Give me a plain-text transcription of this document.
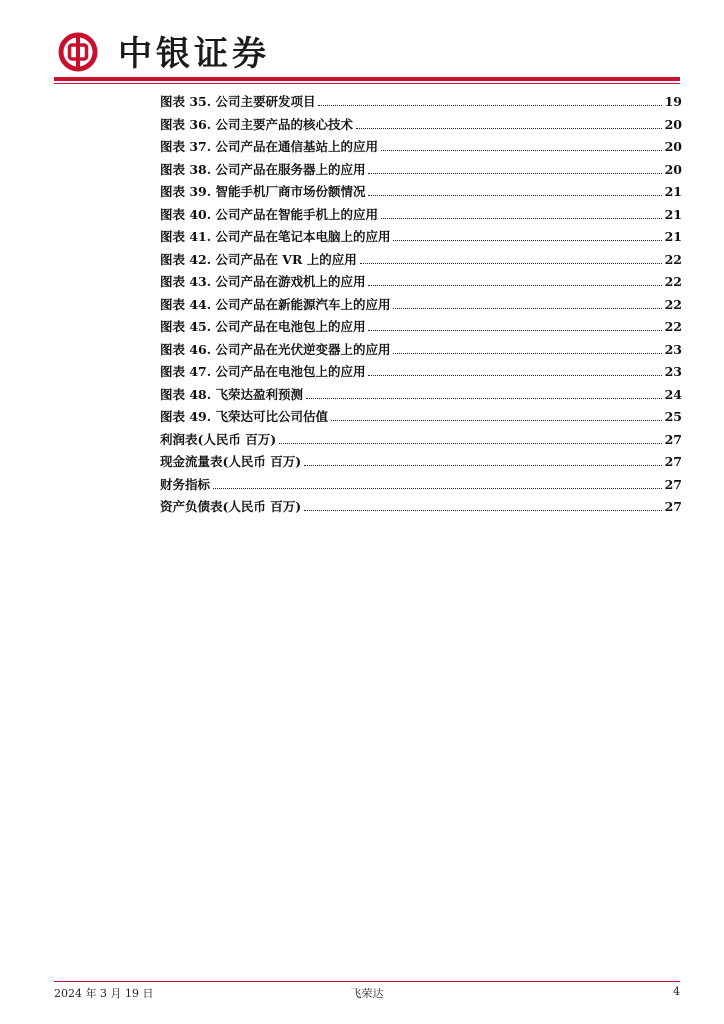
中银证券
图表 35. 公司主要研发项目	19
图表 36. 公司主要产品的核心技术	20
图表 37. 公司产品在通信基站上的应用	20
图表 38. 公司产品在服务器上的应用	20
图表 39. 智能手机厂商市场份额情况	21
图表 40. 公司产品在智能手机上的应用	21
图表 41. 公司产品在笔记本电脑上的应用	21
图表 42. 公司产品在 VR 上的应用	22
图表 43. 公司产品在游戏机上的应用	22
图表 44. 公司产品在新能源汽车上的应用	22
图表 45. 公司产品在电池包上的应用	22
图表 46. 公司产品在光伏逆变器上的应用	23
图表 47. 公司产品在电池包上的应用	23
图表 48. 飞荣达盈利预测	24
图表 49. 飞荣达可比公司估值	25
利润表(人民币 百万)	27
现金流量表(人民币 百万)	27
财务指标	27
资产负债表(人民币 百万)	27
2024 年 3 月 19 日	飞荣达	4
